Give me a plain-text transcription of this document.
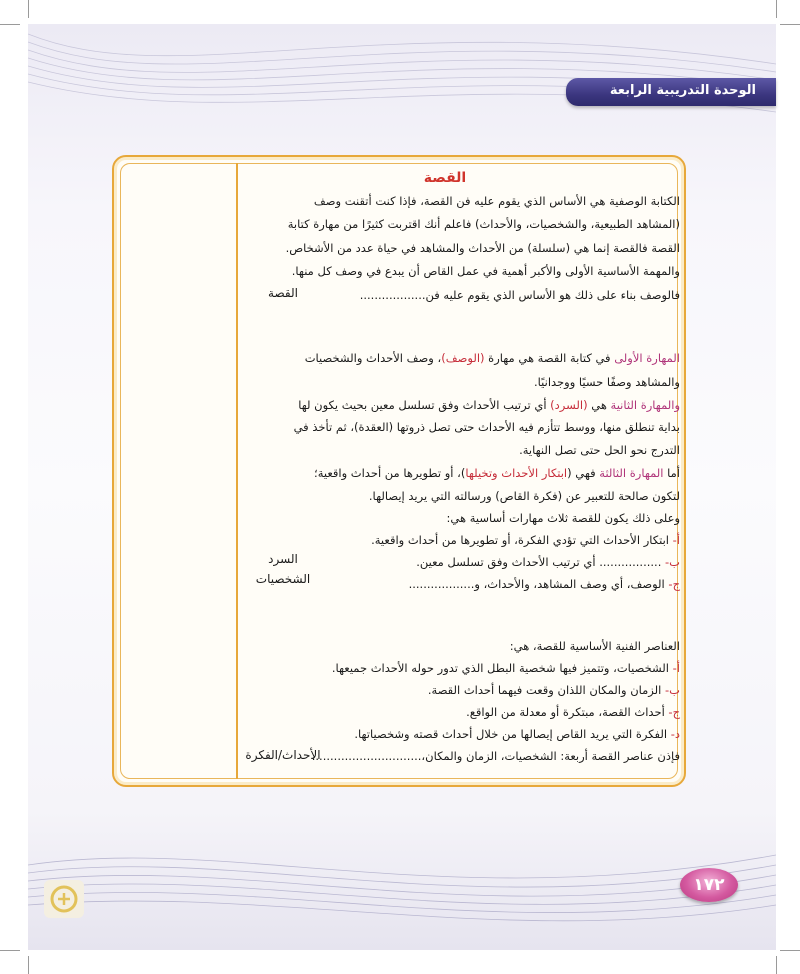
الوحدة التدريبية الرابعة
القصة
السرد
الشخصيات
الأحداث/الفكرة
القصة
الكتابة الوصفية هي الأساس الذي يقوم عليه فن القصة، فإذا كنت أتقنت وصف
(المشاهد الطبيعية، والشخصيات، والأحداث) فاعلم أنك اقتربت كثيرًا من مهارة كتابة
القصة فالقصة إنما هي (سلسلة) من الأحداث والمشاهد في حياة عدد من الأشخاص.
والمهمة الأساسية الأولى والأكبر أهمية في عمل القاص أن يبدع في وصف كل منها.
فالوصف بناء على ذلك هو الأساس الذي يقوم عليه فن..................
المهارة الأولى في كتابة القصة هي مهارة (الوصف)، وصف الأحداث والشخصيات
والمشاهد وصفًا حسيًا ووجدانيًا.
والمهارة الثانية هي (السرد) أي ترتيب الأحداث وفق تسلسل معين بحيث يكون لها
بداية تنطلق منها، ووسط تتأزم فيه الأحداث حتى تصل ذروتها (العقدة)، ثم تأخذ في
التدرج نحو الحل حتى تصل النهاية.
أما المهارة الثالثة فهي (ابتكار الأحداث وتخيلها)، أو تطويرها من أحداث واقعية؛
لتكون صالحة للتعبير عن (فكرة القاص) ورسالته التي يريد إيصالها.
وعلى ذلك يكون للقصة ثلاث مهارات أساسية هي:
أ- ابتكار الأحداث التي تؤدي الفكرة، أو تطويرها من أحداث واقعية.
ب- ................. أي ترتيب الأحداث وفق تسلسل معين.
ج- الوصف، أي وصف المشاهد، والأحداث، و..................
العناصر الفنية الأساسية للقصة، هي:
أ- الشخصيات، وتتميز فيها شخصية البطل الذي تدور حوله الأحداث جميعها.
ب- الزمان والمكان اللذان وقعت فيهما أحداث القصة.
ج- أحداث القصة، مبتكرة أو معدلة من الواقع.
د- الفكرة التي يريد القاص إيصالها من خلال أحداث قصته وشخصياتها.
فإذن عناصر القصة أربعة: الشخصيات، الزمان والمكان،..............................
١٧٢
